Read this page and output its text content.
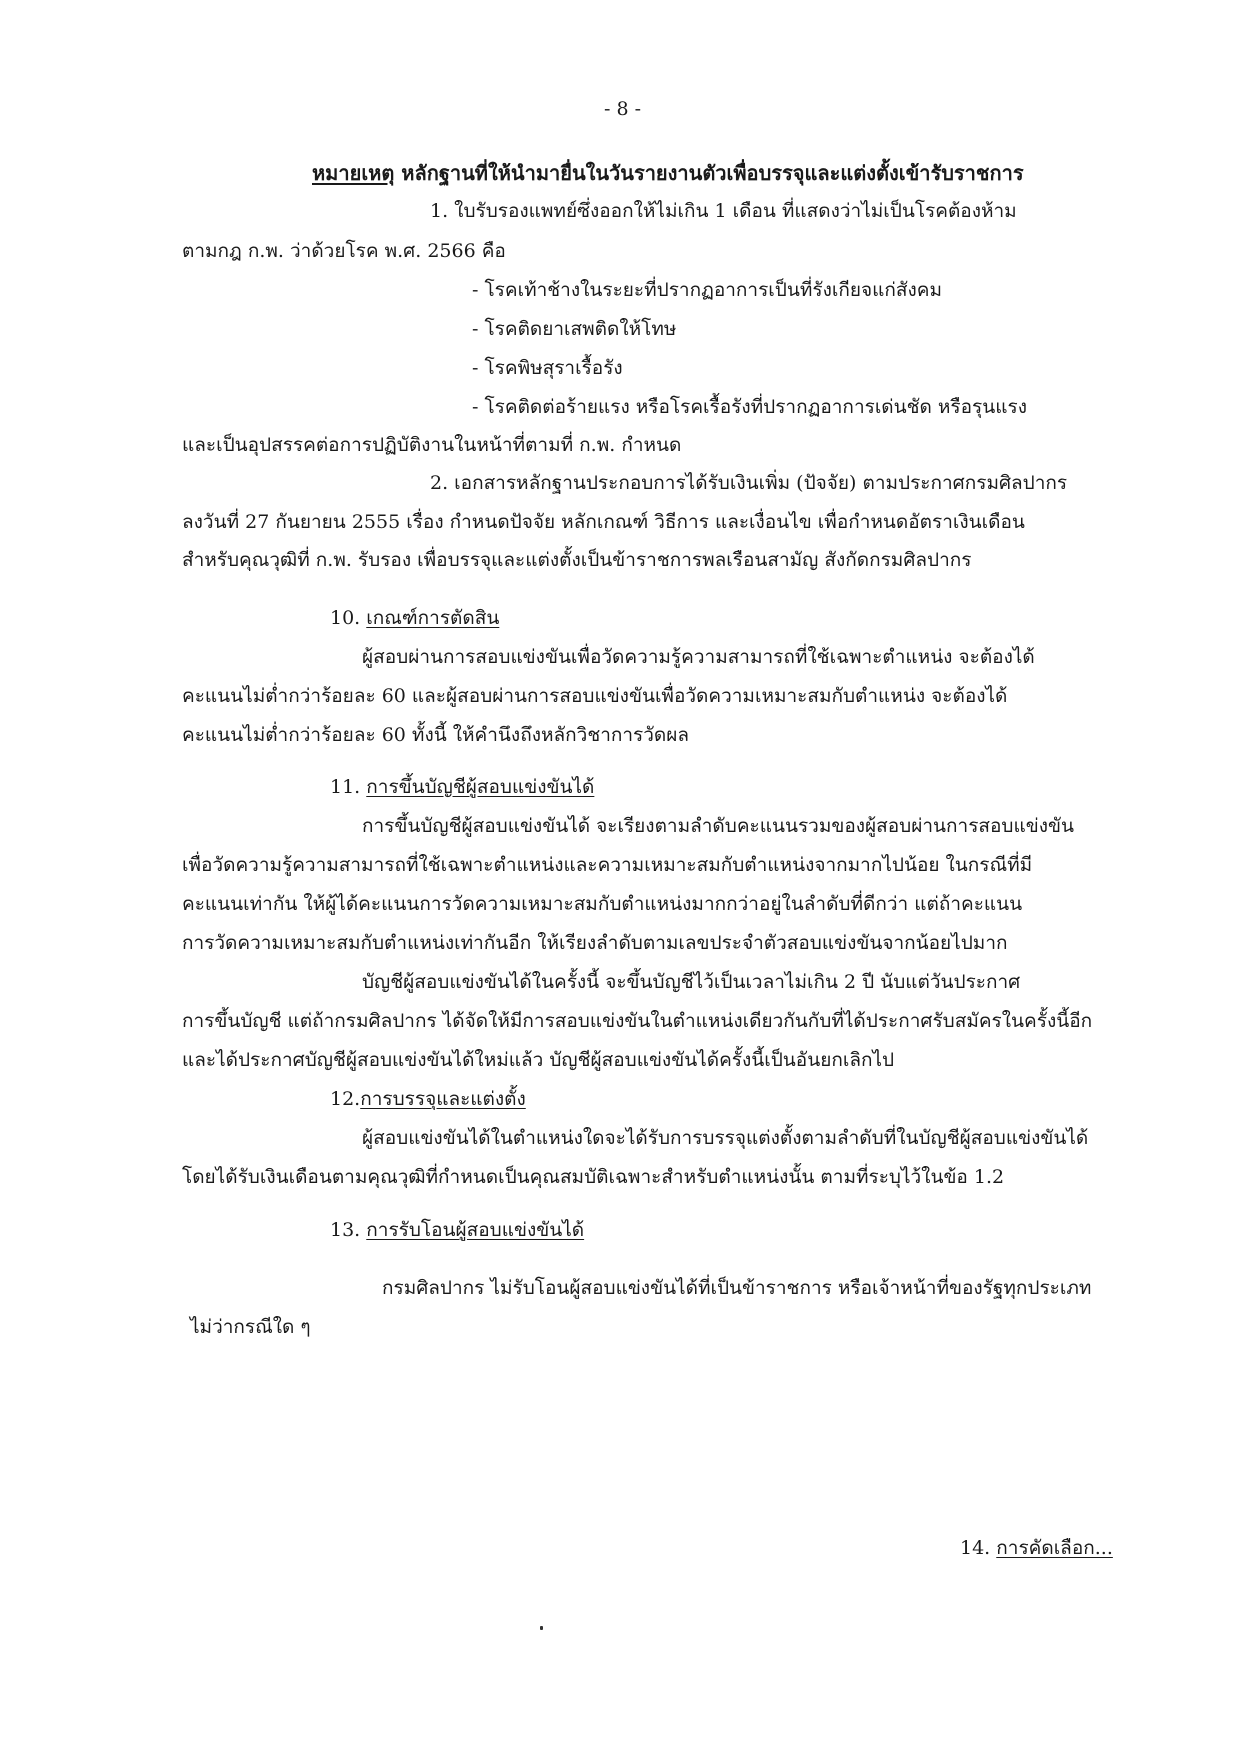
- 8 -
หมายเหตุ หลักฐานที่ให้นำมายื่นในวันรายงานตัวเพื่อบรรจุและแต่งตั้งเข้ารับราชการ
1. ใบรับรองแพทย์ซึ่งออกให้ไม่เกิน 1 เดือน ที่แสดงว่าไม่เป็นโรคต้องห้าม
ตามกฎ ก.พ. ว่าด้วยโรค พ.ศ. 2566 คือ
- โรคเท้าช้างในระยะที่ปรากฏอาการเป็นที่รังเกียจแก่สังคม
- โรคติดยาเสพติดให้โทษ
- โรคพิษสุราเรื้อรัง
- โรคติดต่อร้ายแรง หรือโรคเรื้อรังที่ปรากฏอาการเด่นชัด หรือรุนแรง
และเป็นอุปสรรคต่อการปฏิบัติงานในหน้าที่ตามที่ ก.พ. กำหนด
2. เอกสารหลักฐานประกอบการได้รับเงินเพิ่ม (ปัจจัย) ตามประกาศกรมศิลปากร
ลงวันที่ 27 กันยายน 2555 เรื่อง กำหนดปัจจัย หลักเกณฑ์ วิธีการ และเงื่อนไข เพื่อกำหนดอัตราเงินเดือน
สำหรับคุณวุฒิที่ ก.พ. รับรอง เพื่อบรรจุและแต่งตั้งเป็นข้าราชการพลเรือนสามัญ สังกัดกรมศิลปากร
10. เกณฑ์การตัดสิน
ผู้สอบผ่านการสอบแข่งขันเพื่อวัดความรู้ความสามารถที่ใช้เฉพาะตำแหน่ง จะต้องได้
คะแนนไม่ต่ำกว่าร้อยละ 60 และผู้สอบผ่านการสอบแข่งขันเพื่อวัดความเหมาะสมกับตำแหน่ง จะต้องได้
คะแนนไม่ต่ำกว่าร้อยละ 60 ทั้งนี้ ให้คำนึงถึงหลักวิชาการวัดผล
11. การขึ้นบัญชีผู้สอบแข่งขันได้
การขึ้นบัญชีผู้สอบแข่งขันได้ จะเรียงตามลำดับคะแนนรวมของผู้สอบผ่านการสอบแข่งขัน
เพื่อวัดความรู้ความสามารถที่ใช้เฉพาะตำแหน่งและความเหมาะสมกับตำแหน่งจากมากไปน้อย ในกรณีที่มี
คะแนนเท่ากัน ให้ผู้ได้คะแนนการวัดความเหมาะสมกับตำแหน่งมากกว่าอยู่ในลำดับที่ดีกว่า แต่ถ้าคะแนน
การวัดความเหมาะสมกับตำแหน่งเท่ากันอีก ให้เรียงลำดับตามเลขประจำตัวสอบแข่งขันจากน้อยไปมาก
บัญชีผู้สอบแข่งขันได้ในครั้งนี้ จะขึ้นบัญชีไว้เป็นเวลาไม่เกิน 2 ปี นับแต่วันประกาศ
การขึ้นบัญชี แต่ถ้ากรมศิลปากร ได้จัดให้มีการสอบแข่งขันในตำแหน่งเดียวกันกับที่ได้ประกาศรับสมัครในครั้งนี้อีก
และได้ประกาศบัญชีผู้สอบแข่งขันได้ใหม่แล้ว บัญชีผู้สอบแข่งขันได้ครั้งนี้เป็นอันยกเลิกไป
12.การบรรจุและแต่งตั้ง
ผู้สอบแข่งขันได้ในตำแหน่งใดจะได้รับการบรรจุแต่งตั้งตามลำดับที่ในบัญชีผู้สอบแข่งขันได้
โดยได้รับเงินเดือนตามคุณวุฒิที่กำหนดเป็นคุณสมบัติเฉพาะสำหรับตำแหน่งนั้น ตามที่ระบุไว้ในข้อ 1.2
13. การรับโอนผู้สอบแข่งขันได้
กรมศิลปากร ไม่รับโอนผู้สอบแข่งขันได้ที่เป็นข้าราชการ หรือเจ้าหน้าที่ของรัฐทุกประเภท
ไม่ว่ากรณีใด ๆ
14. การคัดเลือก...
